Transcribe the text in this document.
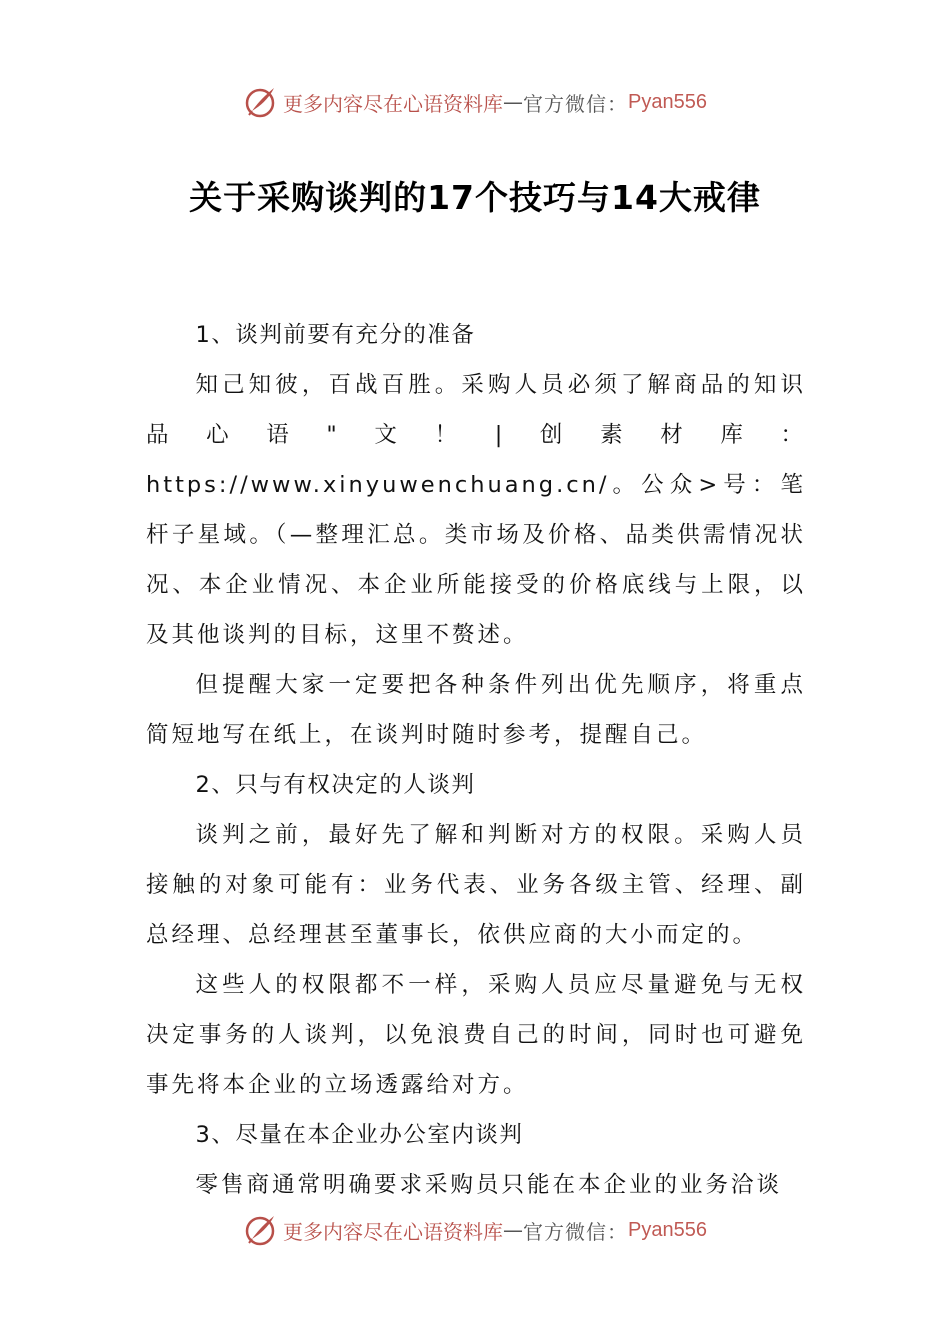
更多内容尽在心语资料库 — 官方微信： Pyan556
关于采购谈判的17个技巧与14大戒律

1、谈判前要有充分的准备

知己知彼，百战百胜。采购人员必须了解商品的知识品心语"文！|创素材库：https://www.xinyuwenchuang.cn/。公众>号：笔杆子星域。（—整理汇总。类市场及价格、品类供需情况状况、本企业情况、本企业所能接受的价格底线与上限，以及其他谈判的目标，这里不赘述。

但提醒大家一定要把各种条件列出优先顺序，将重点简短地写在纸上，在谈判时随时参考，提醒自己。

2、只与有权决定的人谈判

谈判之前，最好先了解和判断对方的权限。采购人员接触的对象可能有：业务代表、业务各级主管、经理、副总经理、总经理甚至董事长，依供应商的大小而定的。

这些人的权限都不一样，采购人员应尽量避免与无权决定事务的人谈判，以免浪费自己的时间，同时也可避免事先将本企业的立场透露给对方。

3、尽量在本企业办公室内谈判

零售商通常明确要求采购员只能在本企业的业务洽谈

更多内容尽在心语资料库 — 官方微信： Pyan556
